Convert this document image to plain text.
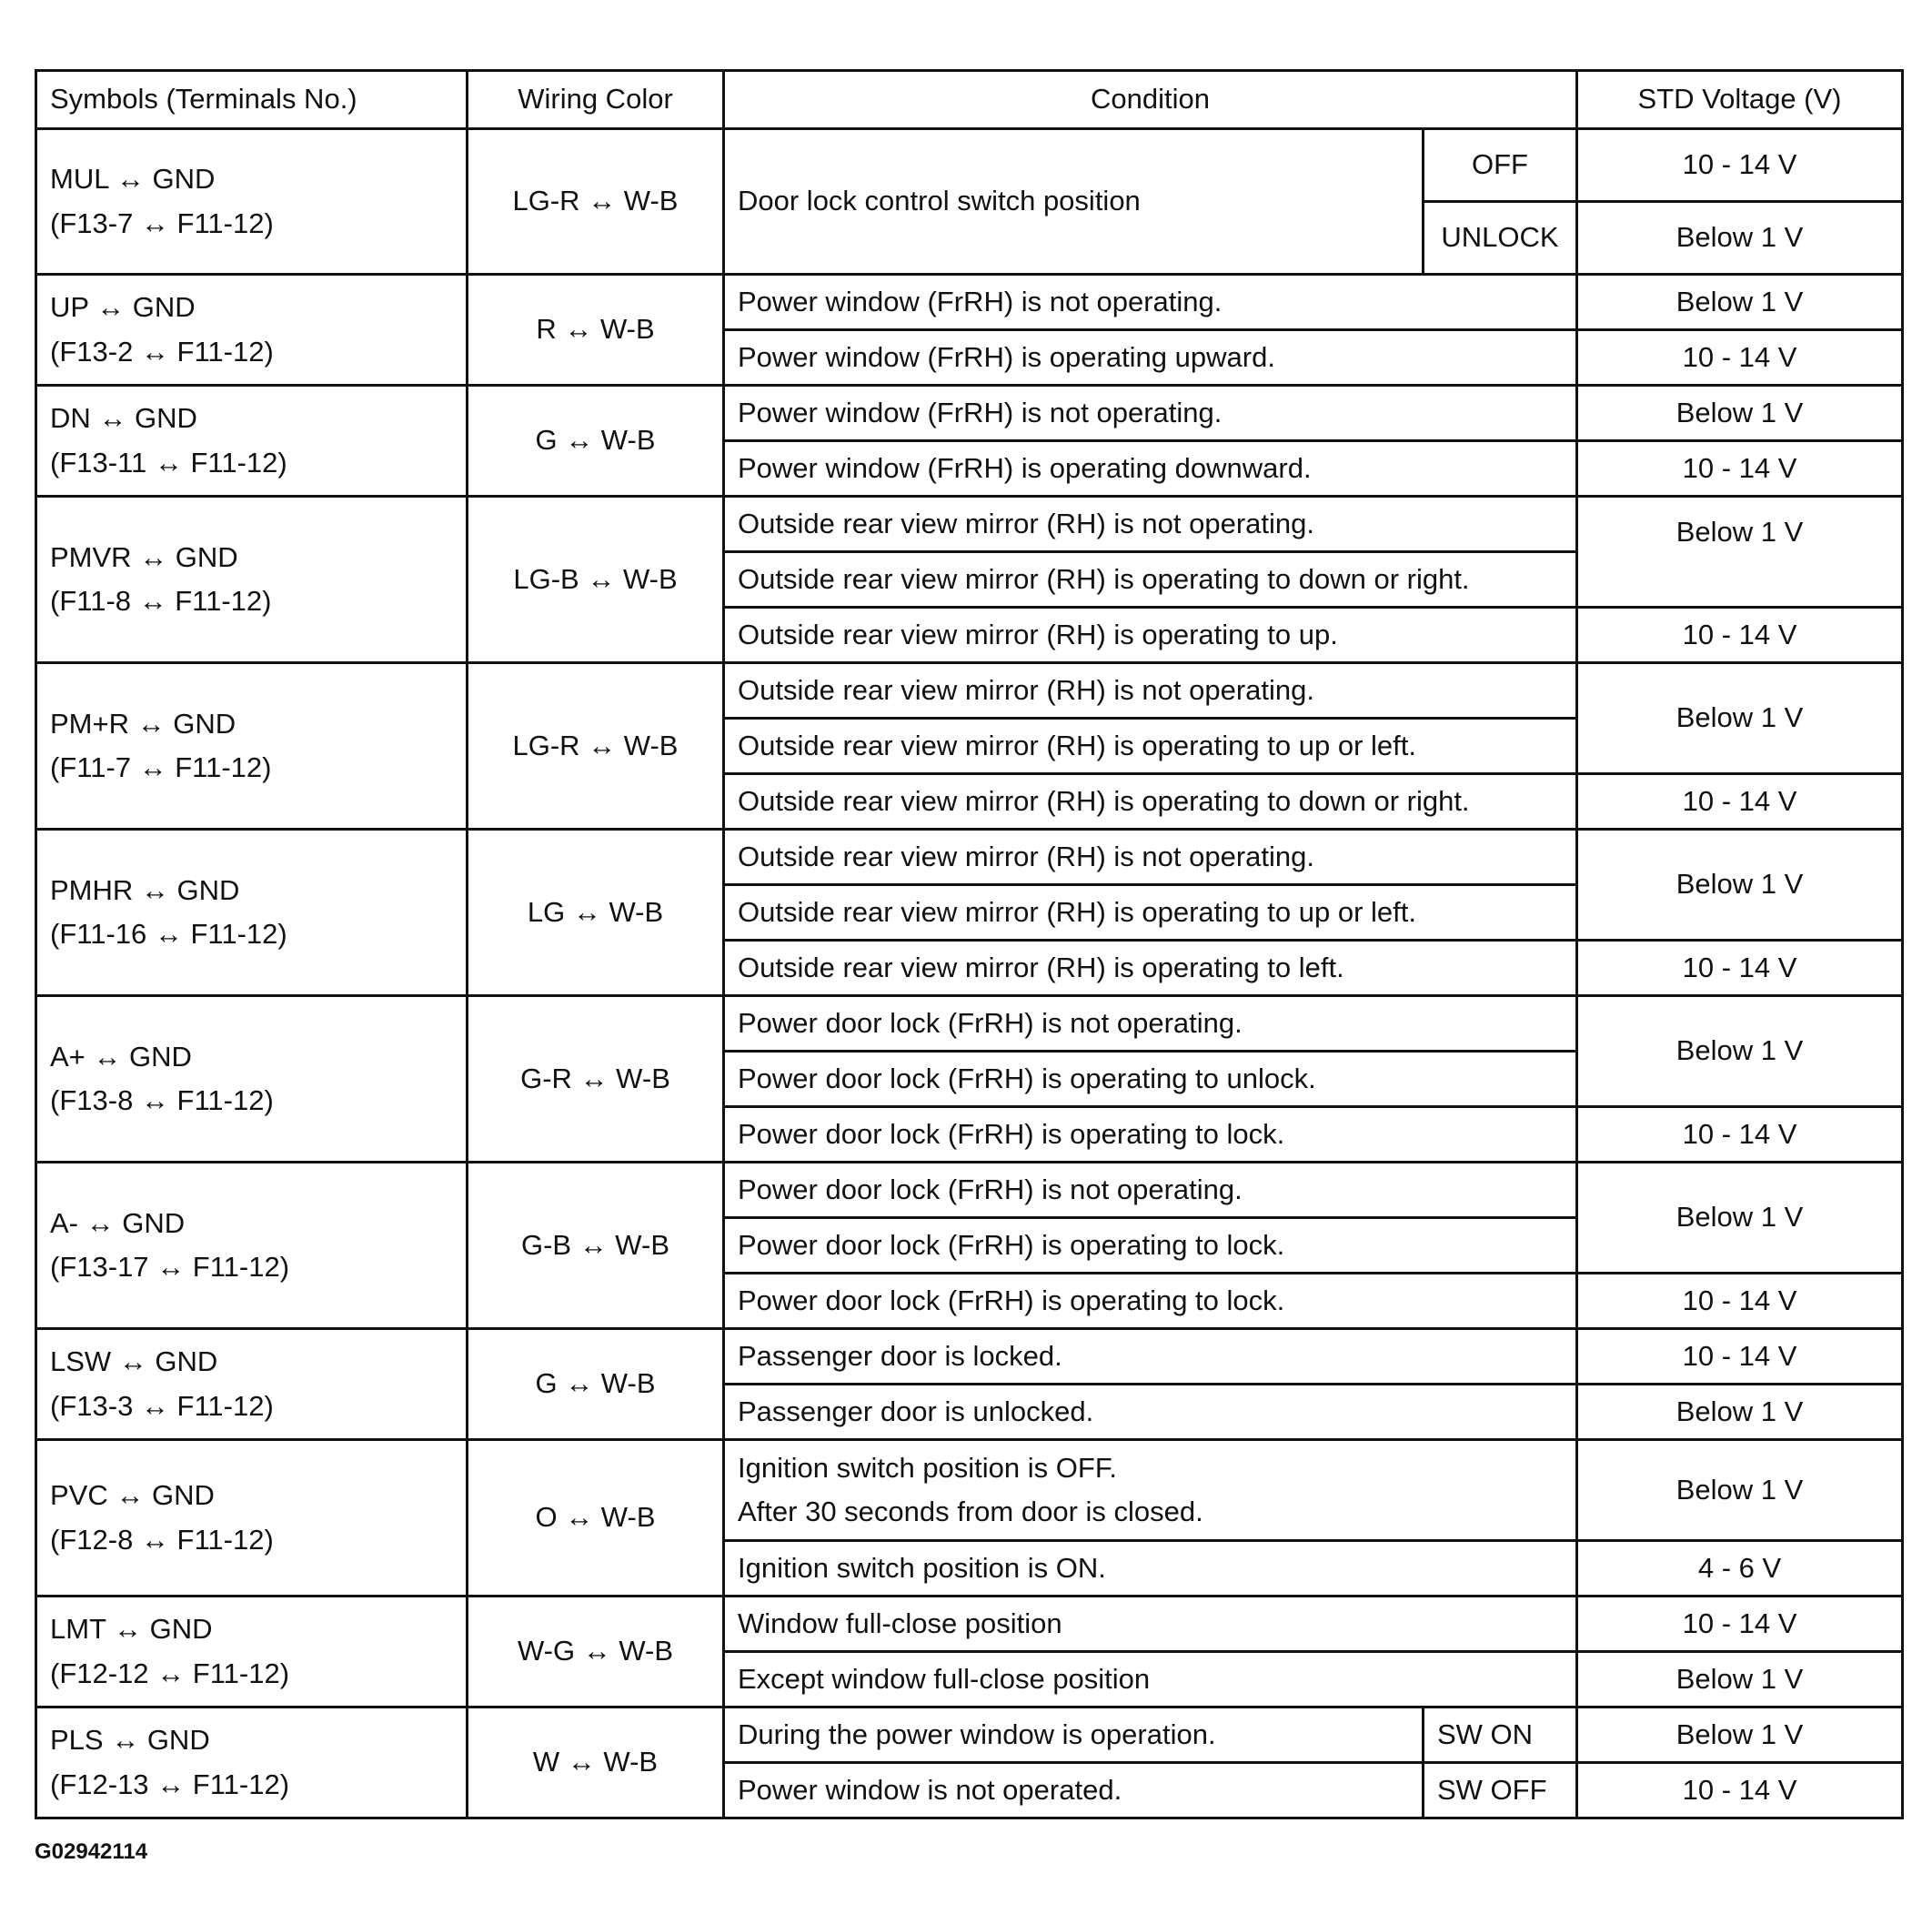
Symbols (Terminals No.)	Wiring Color	Condition		STD Voltage (V)

MUL ↔ GND
(F13-7 ↔ F11-12)	LG-R ↔ W-B	Door lock control switch position	OFF	10 - 14 V
			UNLOCK	Below 1 V

UP ↔ GND
(F13-2 ↔ F11-12)	R ↔ W-B	Power window (FrRH) is not operating.		Below 1 V
		Power window (FrRH) is operating upward.		10 - 14 V

DN ↔ GND
(F13-11 ↔ F11-12)	G ↔ W-B	Power window (FrRH) is not operating.		Below 1 V
		Power window (FrRH) is operating downward.		10 - 14 V

PMVR ↔ GND
(F11-8 ↔ F11-12)	LG-B ↔ W-B	Outside rear view mirror (RH) is not operating.		Below 1 V
		Outside rear view mirror (RH) is operating to down or right.		
		Outside rear view mirror (RH) is operating to up.		10 - 14 V

PM+R ↔ GND
(F11-7 ↔ F11-12)	LG-R ↔ W-B	Outside rear view mirror (RH) is not operating.		Below 1 V
		Outside rear view mirror (RH) is operating to up or left.		
		Outside rear view mirror (RH) is operating to down or right.		10 - 14 V

PMHR ↔ GND
(F11-16 ↔ F11-12)	LG ↔ W-B	Outside rear view mirror (RH) is not operating.		Below 1 V
		Outside rear view mirror (RH) is operating to up or left.		
		Outside rear view mirror (RH) is operating to left.		10 - 14 V

A+ ↔ GND
(F13-8 ↔ F11-12)	G-R ↔ W-B	Power door lock (FrRH) is not operating.		Below 1 V
		Power door lock (FrRH) is operating to unlock.		
		Power door lock (FrRH) is operating to lock.		10 - 14 V

A- ↔ GND
(F13-17 ↔ F11-12)	G-B ↔ W-B	Power door lock (FrRH) is not operating.		Below 1 V
		Power door lock (FrRH) is operating to lock.		
		Power door lock (FrRH) is operating to lock.		10 - 14 V

LSW ↔ GND
(F13-3 ↔ F11-12)	G ↔ W-B	Passenger door is locked.		10 - 14 V
		Passenger door is unlocked.		Below 1 V

PVC ↔ GND
(F12-8 ↔ F11-12)	O ↔ W-B	Ignition switch position is OFF.
After 30 seconds from door is closed.		Below 1 V
		Ignition switch position is ON.		4 - 6 V

LMT ↔ GND
(F12-12 ↔ F11-12)	W-G ↔ W-B	Window full-close position		10 - 14 V
		Except window full-close position		Below 1 V

PLS ↔ GND
(F12-13 ↔ F11-12)	W ↔ W-B	During the power window is operation.	SW ON	Below 1 V
		Power window is not operated.	SW OFF	10 - 14 V
G02942114
